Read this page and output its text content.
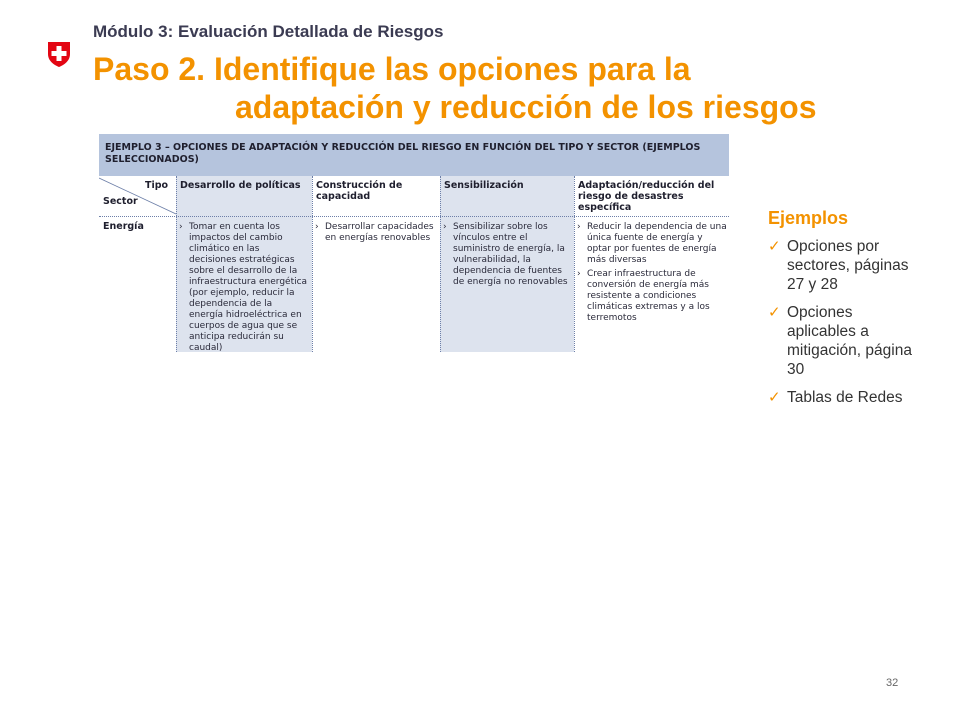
Módulo 3: Evaluación Detallada de Riesgos
Paso 2. Identifique las opciones para la
adaptación y reducción de los riesgos
EJEMPLO 3 – OPCIONES DE ADAPTACIÓN Y REDUCCIÓN DEL RIESGO EN FUNCIÓN DEL TIPO Y SECTOR (EJEMPLOS SELECCIONADOS)
Tipo
Sector
Desarrollo de políticas	Construcción de capacidad
Sensibilización	Adaptación/reducción del riesgo de desastres específica
Energía

›	Tomar en cuenta los impactos del cambio climático en las decisiones estratégicas sobre el desarrollo de la infraestructura energética (por ejemplo, reducir la dependencia de la energía hidroeléctrica en cuerpos de agua que se anticipa reducirán su caudal)

› Desarrollar capacidades en energías renovables

› Sensibilizar sobre los vínculos entre el suministro de energía, la vulnerabilidad, la dependencia de fuentes de energía no renovables

› Reducir la dependencia de una única fuente de energía y optar por fuentes de energía más diversas

› Crear infraestructura de conversión de energía más resistente a condiciones climáticas extremas y a los terremotos

Ejemplos
✓ Opciones por sectores, páginas 27 y 28
✓ Opciones aplicables a mitigación, página 30
✓ Tablas de Redes
32
